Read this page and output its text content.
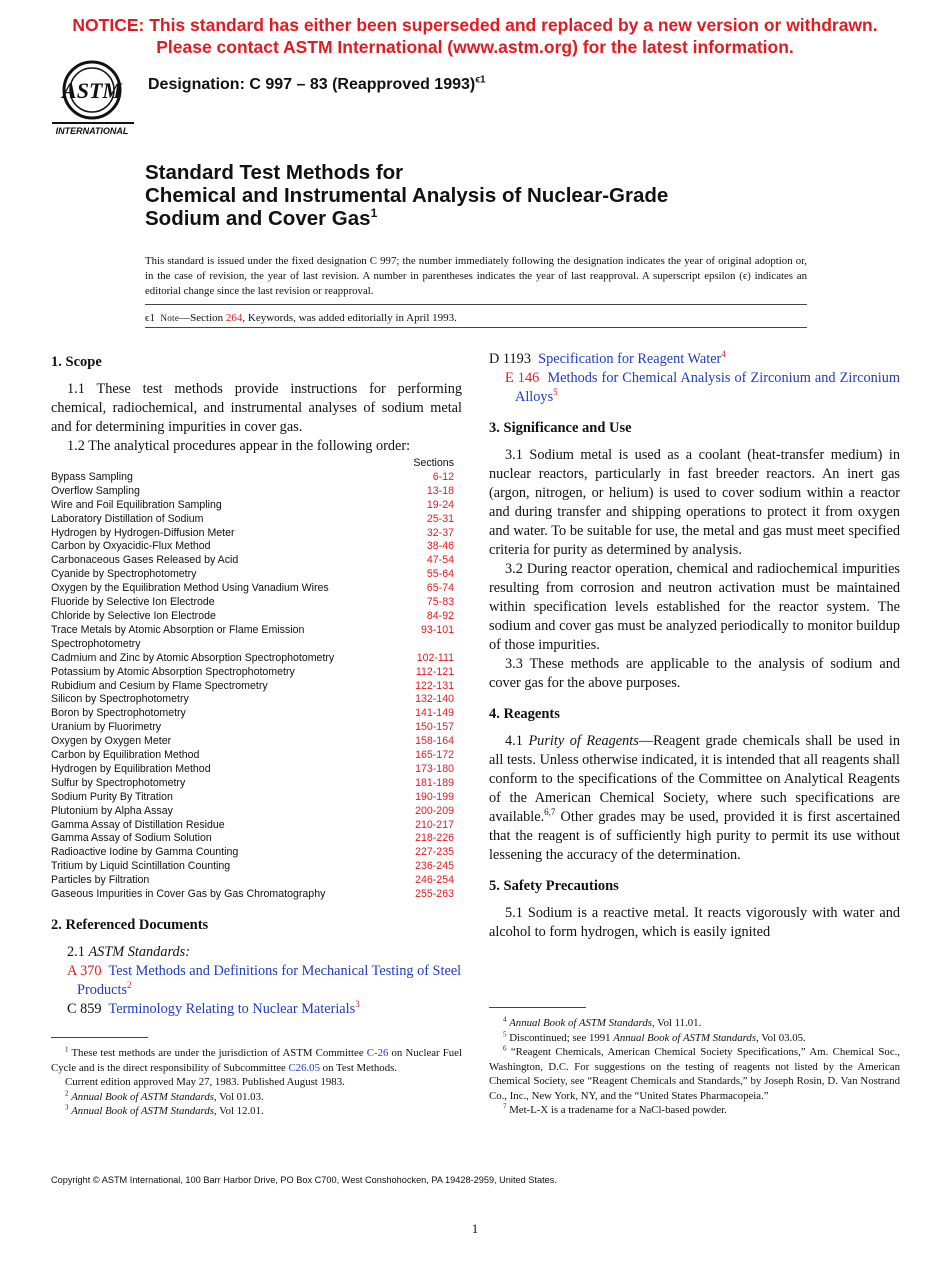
NOTICE: This standard has either been superseded and replaced by a new version or withdrawn.
Please contact ASTM International (www.astm.org) for the latest information.
ASTM
INTERNATIONAL
Designation: C 997 – 83 (Reapproved 1993)$^{\epsilon 1}$
Standard Test Methods for
Chemical and Instrumental Analysis of Nuclear-Grade
Sodium and Cover Gas$^1$
This standard is issued under the fixed designation C 997; the number immediately following the designation indicates the year of original adoption or, in the case of revision, the year of last revision. A number in parentheses indicates the year of last reapproval. A superscript epsilon (ϵ) indicates an editorial change since the last revision or reapproval.
ϵ1 Note—Section 264, Keywords, was added editorially in April 1993.
1. Scope

1.1 These test methods provide instructions for performing chemical, radiochemical, and instrumental analyses of sodium metal and for determining impurities in cover gas.

1.2 The analytical procedures appear in the following order:

	Sections
Bypass Sampling	6-12
Overflow Sampling	13-18
Wire and Foil Equilibration Sampling	19-24
Laboratory Distillation of Sodium	25-31
Hydrogen by Hydrogen-Diffusion Meter	32-37
Carbon by Oxyacidic-Flux Method	38-46
Carbonaceous Gases Released by Acid	47-54
Cyanide by Spectrophotometry	55-64
Oxygen by the Equilibration Method Using Vanadium Wires	65-74
Fluoride by Selective Ion Electrode	75-83
Chloride by Selective Ion Electrode	84-92
Trace Metals by Atomic Absorption or Flame Emission	93-101
Spectrophotometry	
Cadmium and Zinc by Atomic Absorption Spectrophotometry	102-111
Potassium by Atomic Absorption Spectrophotometry	112-121
Rubidium and Cesium by Flame Spectrometry	122-131
Silicon by Spectrophotometry	132-140
Boron by Spectrophotometry	141-149
Uranium by Fluorimetry	150-157
Oxygen by Oxygen Meter	158-164
Carbon by Equilibration Method	165-172
Hydrogen by Equilibration Method	173-180
Sulfur by Spectrophotometry	181-189
Sodium Purity By Titration	190-199
Plutonium by Alpha Assay	200-209
Gamma Assay of Distillation Residue	210-217
Gamma Assay of Sodium Solution	218-226
Radioactive Iodine by Gamma Counting	227-235
Tritium by Liquid Scintillation Counting	236-245
Particles by Filtration	246-254
Gaseous Impurities in Cover Gas by Gas Chromatography	255-263
2. Referenced Documents

2.1 ASTM Standards:

A 370 Test Methods and Definitions for Mechanical Testing of Steel Products$^2$

C 859 Terminology Relating to Nuclear Materials$^3$

D 1193 Specification for Reagent Water$^4$

E 146 Methods for Chemical Analysis of Zirconium and Zirconium Alloys$^5$

3. Significance and Use

3.1 Sodium metal is used as a coolant (heat-transfer medium) in nuclear reactors, particularly in fast breeder reactors. An inert gas (argon, nitrogen, or helium) is used to cover sodium within a reactor and during transfer and shipping operations to protect it from oxygen and water. To be suitable for use, the metal and gas must meet specified criteria for purity as determined by analysis.

3.2 During reactor operation, chemical and radiochemical impurities resulting from corrosion and neutron activation must be maintained within specification levels established for the reactor system. The sodium and cover gas must be analyzed periodically to monitor buildup of those impurities.

3.3 These methods are applicable to the analysis of sodium and cover gas for the above purposes.

4. Reagents

4.1 Purity of Reagents—Reagent grade chemicals shall be used in all tests. Unless otherwise indicated, it is intended that all reagents shall conform to the specifications of the Committee on Analytical Reagents of the American Chemical Society, where such specifications are available.$^{6,7}$ Other grades may be used, provided it is first ascertained that the reagent is of sufficiently high purity to permit its use without lessening the accuracy of the determination.

5. Safety Precautions

5.1 Sodium is a reactive metal. It reacts vigorously with water and alcohol to form hydrogen, which is easily ignited

$^1$ These test methods are under the jurisdiction of ASTM Committee C-26 on Nuclear Fuel Cycle and is the direct responsibility of Subcommittee C26.05 on Test Methods.

Current edition approved May 27, 1983. Published August 1983.

$^2$ Annual Book of ASTM Standards, Vol 01.03.

$^3$ Annual Book of ASTM Standards, Vol 12.01.

$^4$ Annual Book of ASTM Standards, Vol 11.01.

$^5$ Discontinued; see 1991 Annual Book of ASTM Standards, Vol 03.05.

$^6$ “Reagent Chemicals, American Chemical Society Specifications,” Am. Chemical Soc., Washington, D.C. For suggestions on the testing of reagents not listed by the American Chemical Society, see “Reagent Chemicals and Standards,” by Joseph Rosin, D. Van Nostrand Co., Inc., New York, NY, and the “United States Pharmacopeia.”

$^7$ Met-L-X is a tradename for a NaCl-based powder.

Copyright © ASTM International, 100 Barr Harbor Drive, PO Box C700, West Conshohocken, PA 19428-2959, United States.
1
